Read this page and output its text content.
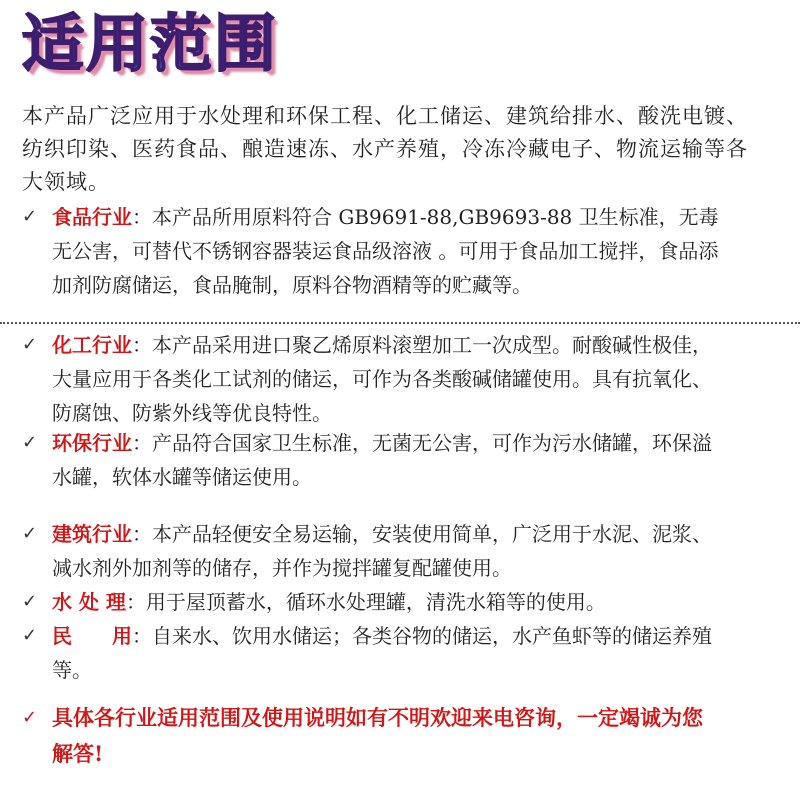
适用范围
本产品广泛应用于水处理和环保工程、化工储运、建筑给排水、酸洗电镀、纺织印染、医药食品、酿造速冻、水产养殖，冷冻冷藏电子、物流运输等各大领域。
✓ 食品行业：本产品所用原料符合 GB9691-88,GB9693-88 卫生标准，无毒无公害，可替代不锈钢容器装运食品级溶液 。可用于食品加工搅拌，食品添加剂防腐储运，食品腌制，原料谷物酒精等的贮藏等。
✓ 化工行业：本产品采用进口聚乙烯原料滚塑加工一次成型。耐酸碱性极佳，大量应用于各类化工试剂的储运，可作为各类酸碱储罐使用。具有抗氧化、防腐蚀、防紫外线等优良特性。
✓ 环保行业：产品符合国家卫生标准，无菌无公害，可作为污水储罐，环保溢水罐，软体水罐等储运使用。
✓ 建筑行业：本产品轻便安全易运输，安装使用简单，广泛用于水泥、泥浆、减水剂外加剂等的储存，并作为搅拌罐复配罐使用。
✓ 水 处 理：用于屋顶蓄水，循环水处理罐，清洗水箱等的使用。
✓ 民　　用：自来水、饮用水储运；各类谷物的储运，水产鱼虾等的储运养殖等。
✓ 具体各行业适用范围及使用说明如有不明欢迎来电咨询，一定竭诚为您解答!
